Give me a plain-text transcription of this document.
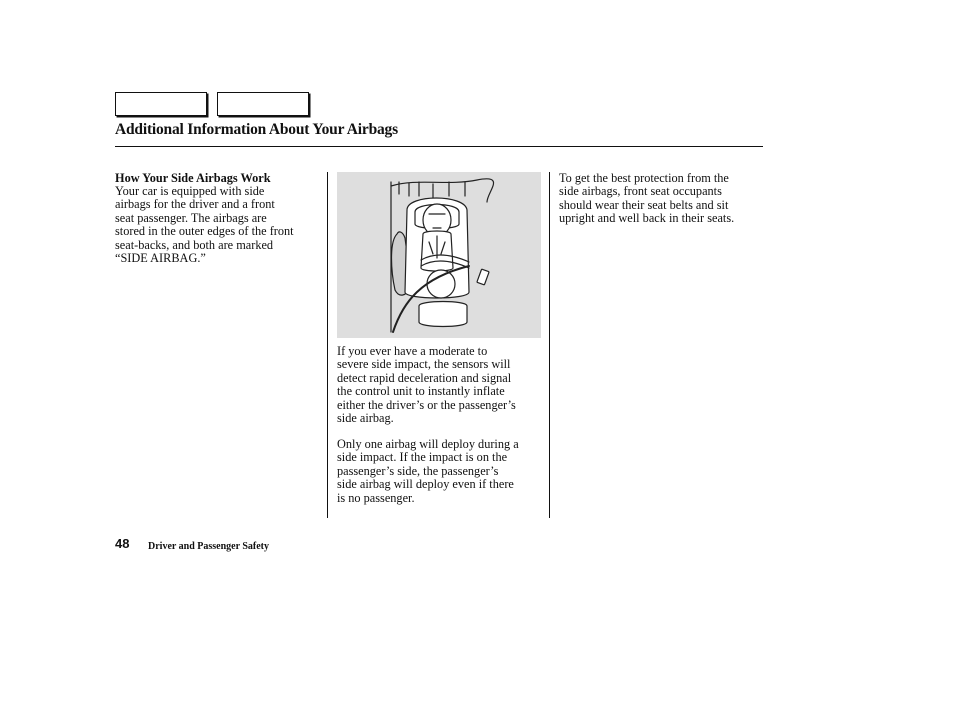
Additional Information About Your Airbags
How Your Side Airbags Work
Your car is equipped with side
airbags for the driver and a front
seat passenger. The airbags are
stored in the outer edges of the front
seat-backs, and both are marked
“SIDE AIRBAG.”
If you ever have a moderate to
severe side impact, the sensors will
detect rapid deceleration and signal
the control unit to instantly inflate
either the driver’s or the passenger’s
side airbag.
Only one airbag will deploy during a
side impact. If the impact is on the
passenger’s side, the passenger’s
side airbag will deploy even if there
is no passenger.
To get the best protection from the
side airbags, front seat occupants
should wear their seat belts and sit
upright and well back in their seats.
48 Driver and Passenger Safety
